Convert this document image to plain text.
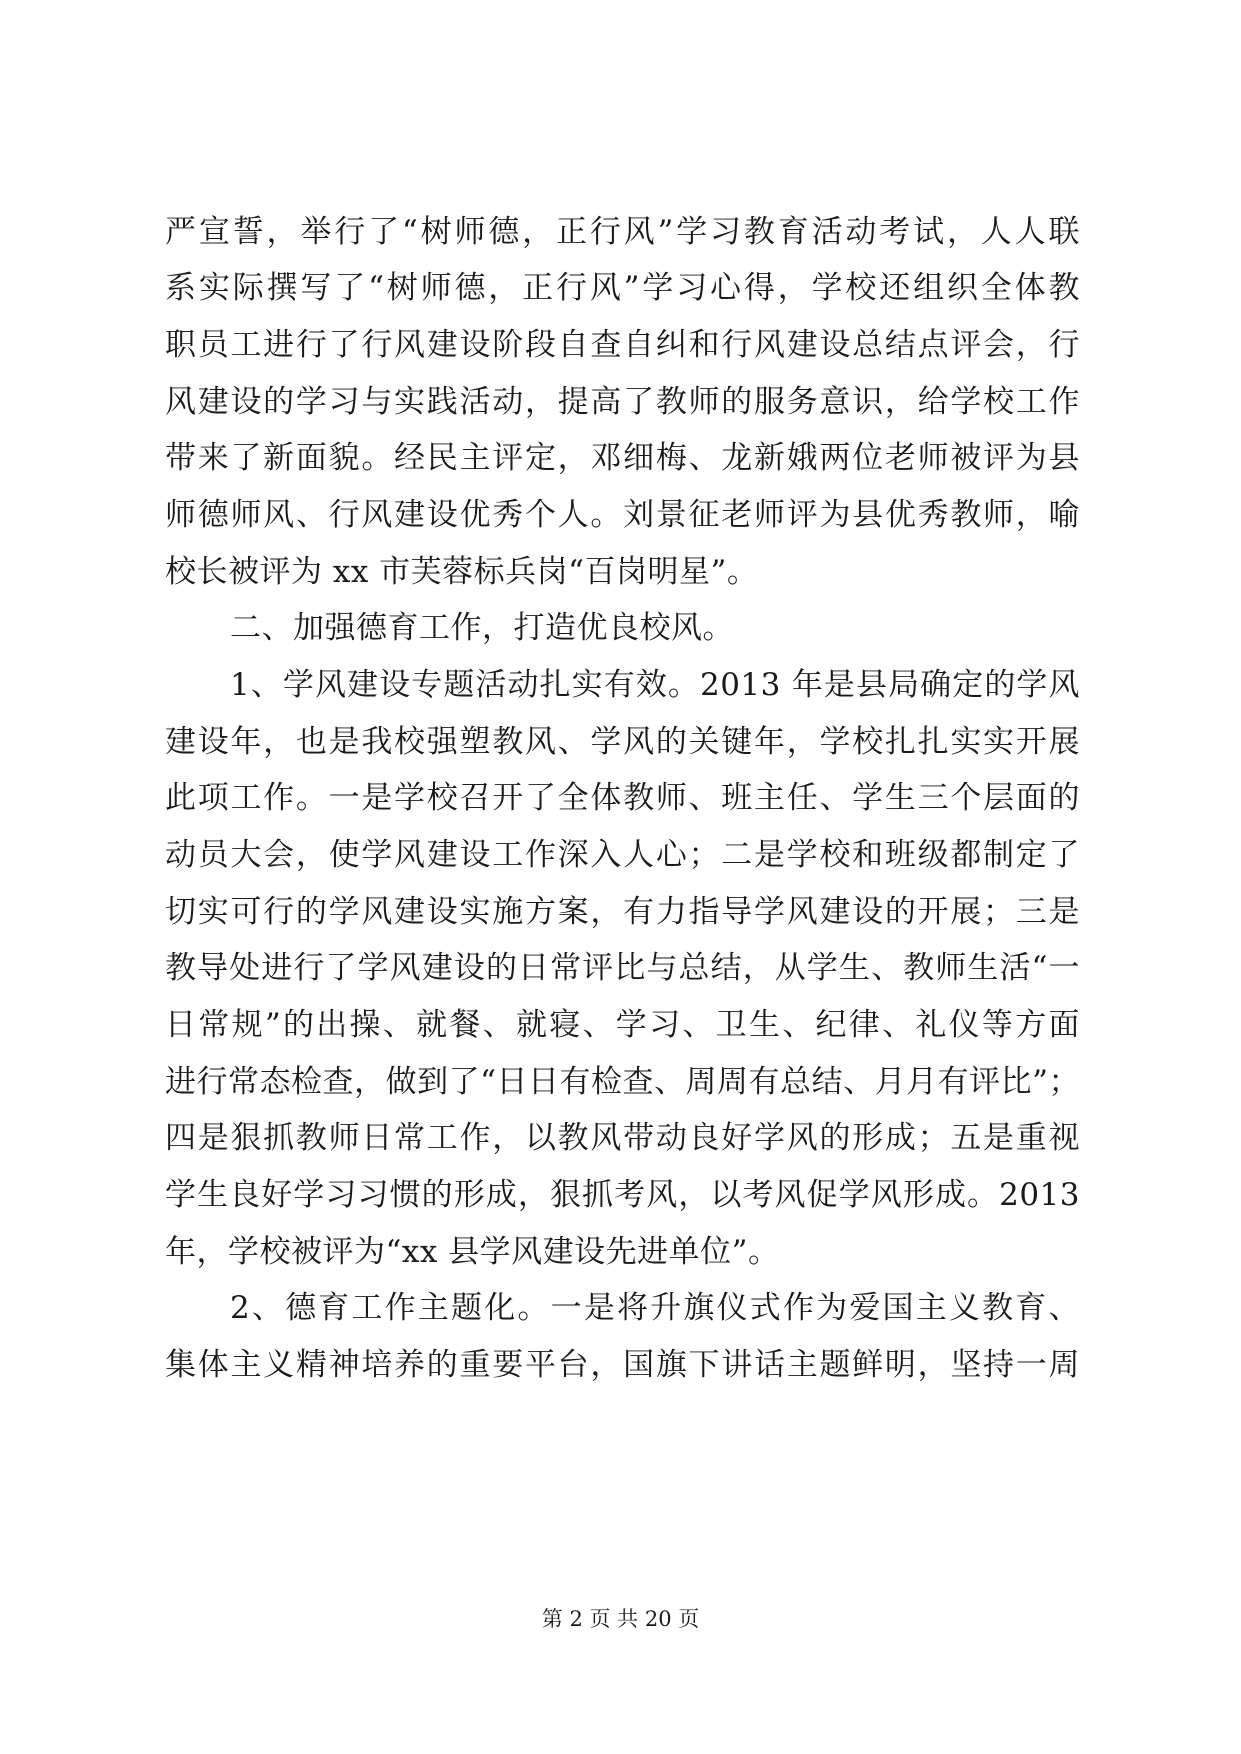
严宣誓，举行了“树师德，正行风”学习教育活动考试，人人联
系实际撰写了“树师德，正行风”学习心得，学校还组织全体教
职员工进行了行风建设阶段自查自纠和行风建设总结点评会，行
风建设的学习与实践活动，提高了教师的服务意识，给学校工作
带来了新面貌。经民主评定，邓细梅、龙新娥两位老师被评为县
师德师风、行风建设优秀个人。刘景征老师评为县优秀教师，喻
校长被评为 xx 市芙蓉标兵岗“百岗明星”。
二、加强德育工作，打造优良校风。
1、学风建设专题活动扎实有效。2013 年是县局确定的学风
建设年，也是我校强塑教风、学风的关键年，学校扎扎实实开展
此项工作。一是学校召开了全体教师、班主任、学生三个层面的
动员大会，使学风建设工作深入人心；二是学校和班级都制定了
切实可行的学风建设实施方案，有力指导学风建设的开展；三是
教导处进行了学风建设的日常评比与总结，从学生、教师生活“一
日常规”的出操、就餐、就寝、学习、卫生、纪律、礼仪等方面
进行常态检查，做到了“日日有检查、周周有总结、月月有评比”；
四是狠抓教师日常工作，以教风带动良好学风的形成；五是重视
学生良好学习习惯的形成，狠抓考风，以考风促学风形成。2013
年，学校被评为“xx 县学风建设先进单位”。
2、德育工作主题化。一是将升旗仪式作为爱国主义教育、
集体主义精神培养的重要平台，国旗下讲话主题鲜明，坚持一周
第 2 页 共 20 页
